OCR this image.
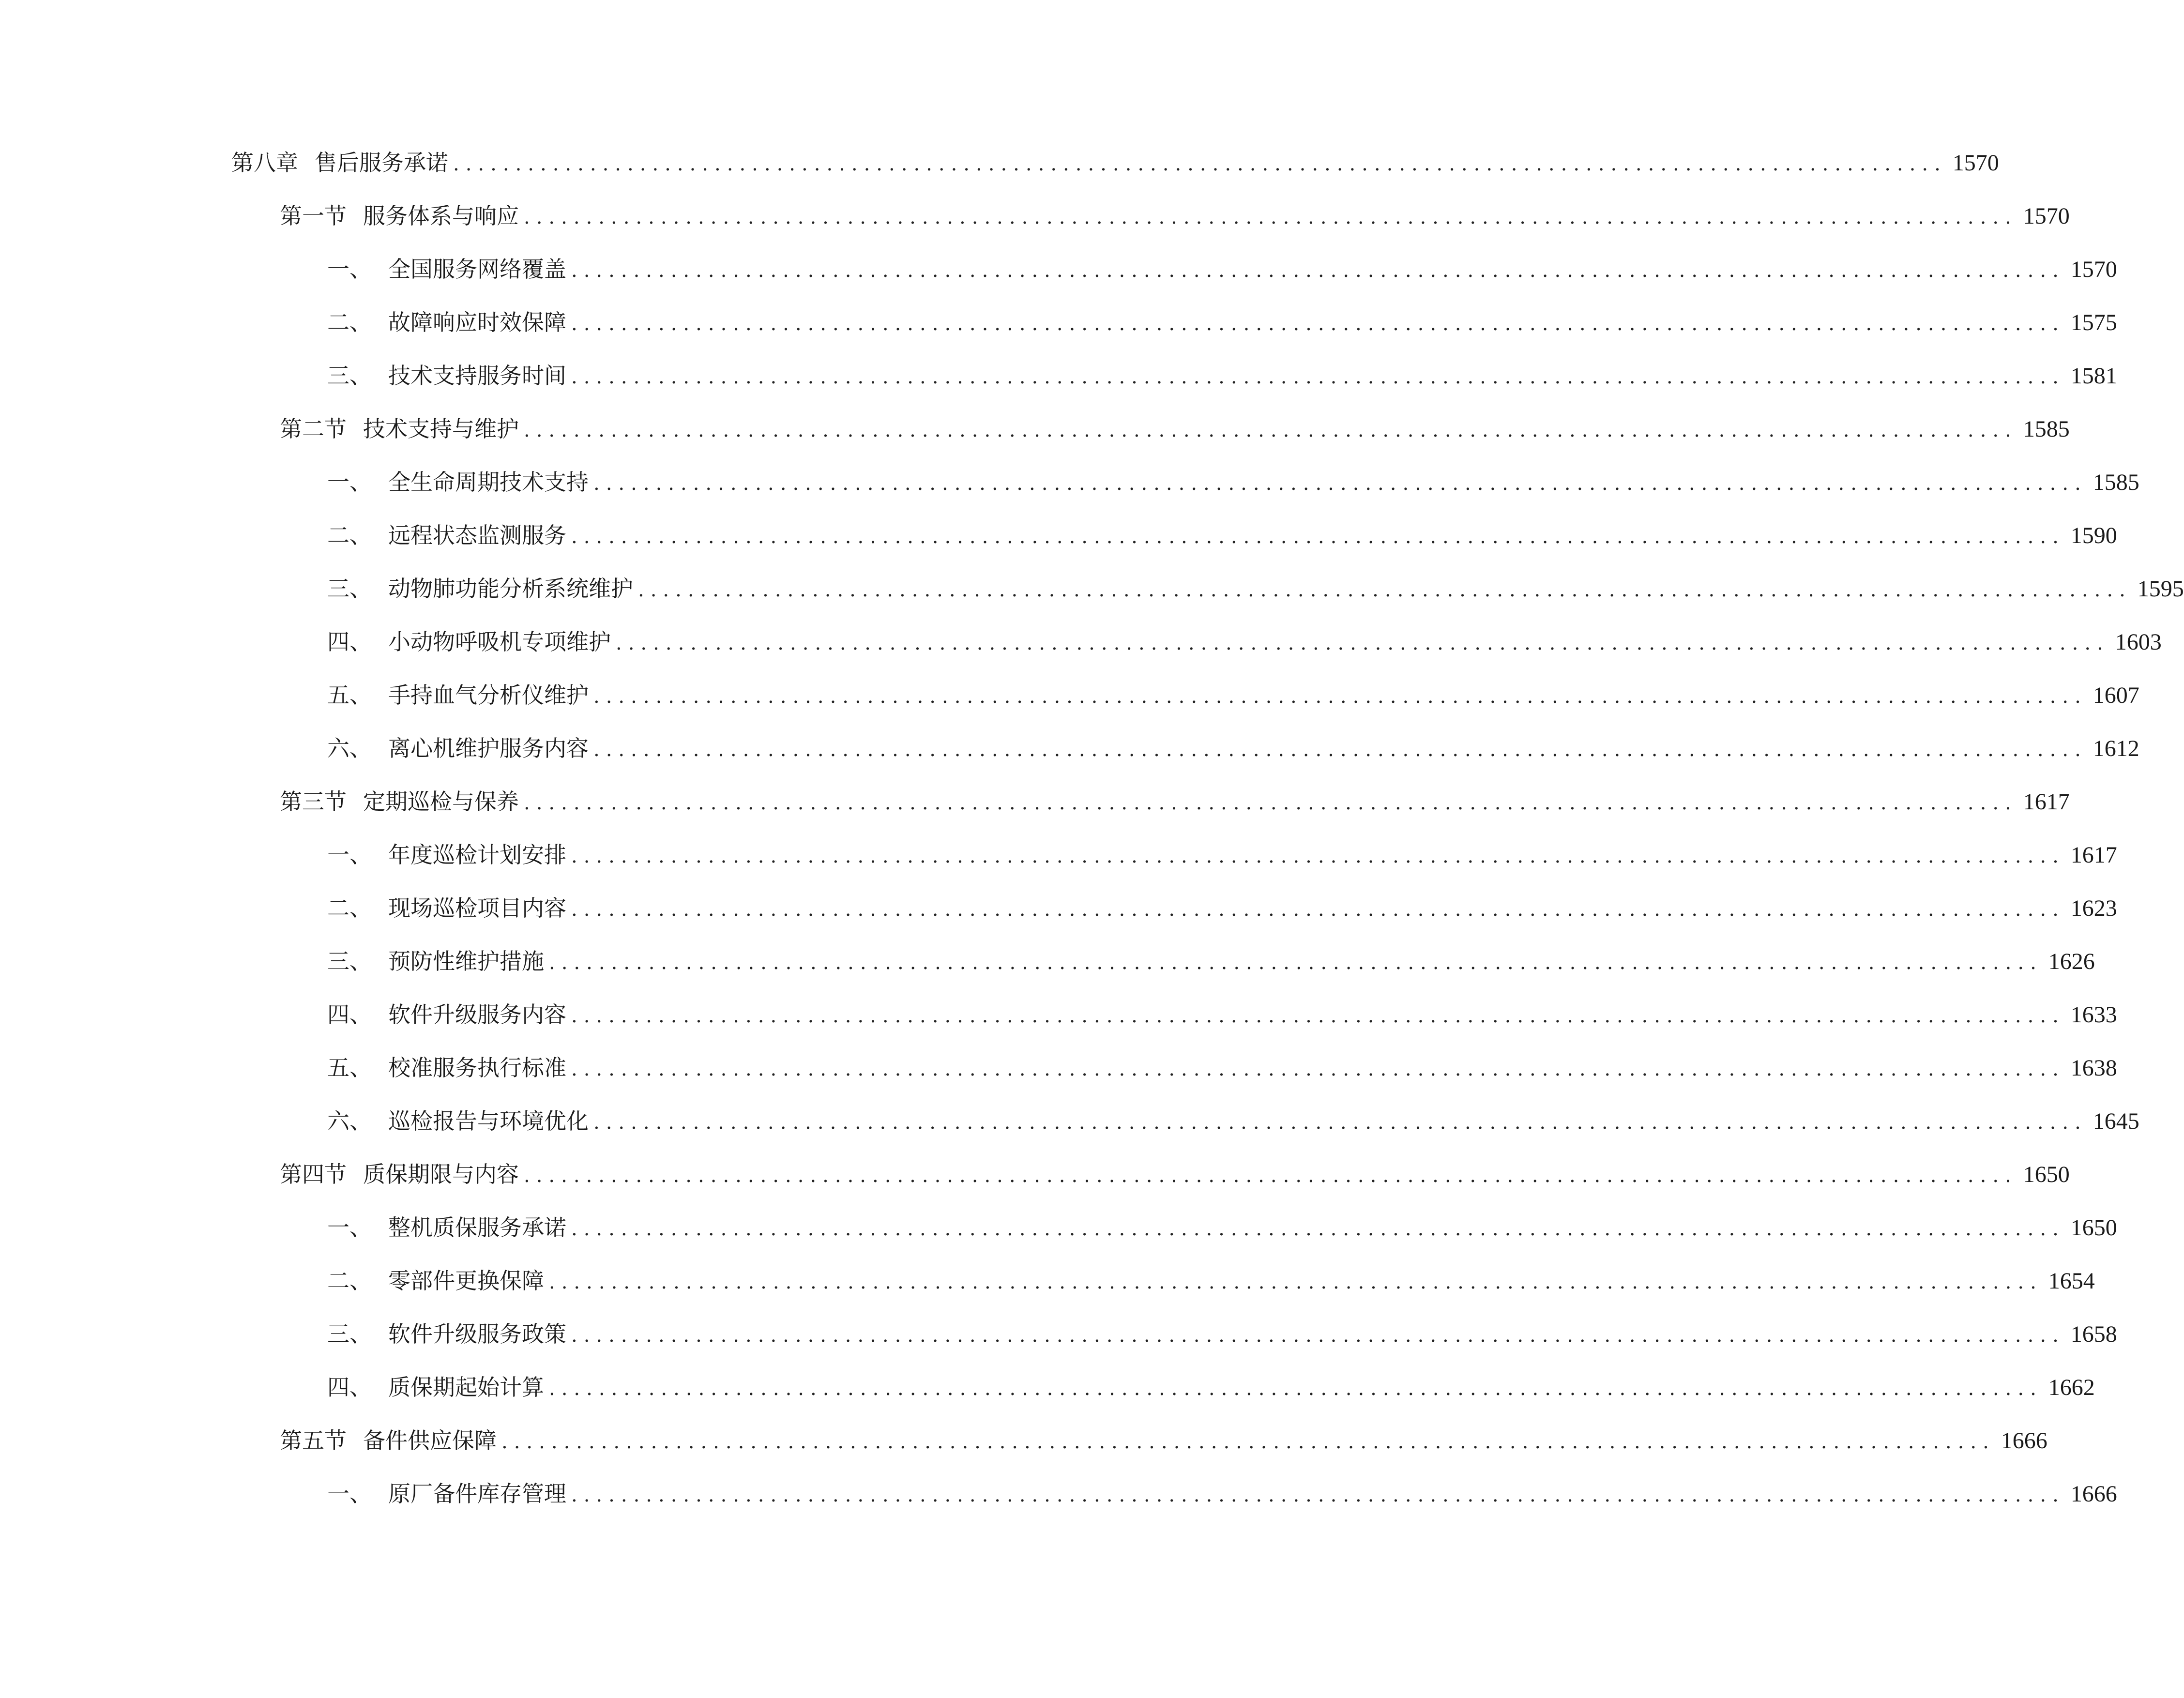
第八章 售后服务承诺 ........................................................................................................................ 1570
第一节 服务体系与响应 ........................................................................................................................ 1570
一、 全国服务网络覆盖 ........................................................................................................................ 1570
二、 故障响应时效保障 ........................................................................................................................ 1575
三、 技术支持服务时间 ........................................................................................................................ 1581
第二节 技术支持与维护 ........................................................................................................................ 1585
一、 全生命周期技术支持 ........................................................................................................................ 1585
二、 远程状态监测服务 ........................................................................................................................ 1590
三、 动物肺功能分析系统维护 ........................................................................................................................ 1595
四、 小动物呼吸机专项维护 ........................................................................................................................ 1603
五、 手持血气分析仪维护 ........................................................................................................................ 1607
六、 离心机维护服务内容 ........................................................................................................................ 1612
第三节 定期巡检与保养 ........................................................................................................................ 1617
一、 年度巡检计划安排 ........................................................................................................................ 1617
二、 现场巡检项目内容 ........................................................................................................................ 1623
三、 预防性维护措施 ........................................................................................................................ 1626
四、 软件升级服务内容 ........................................................................................................................ 1633
五、 校准服务执行标准 ........................................................................................................................ 1638
六、 巡检报告与环境优化 ........................................................................................................................ 1645
第四节 质保期限与内容 ........................................................................................................................ 1650
一、 整机质保服务承诺 ........................................................................................................................ 1650
二、 零部件更换保障 ........................................................................................................................ 1654
三、 软件升级服务政策 ........................................................................................................................ 1658
四、 质保期起始计算 ........................................................................................................................ 1662
第五节 备件供应保障 ........................................................................................................................ 1666
一、 原厂备件库存管理 ........................................................................................................................ 1666
